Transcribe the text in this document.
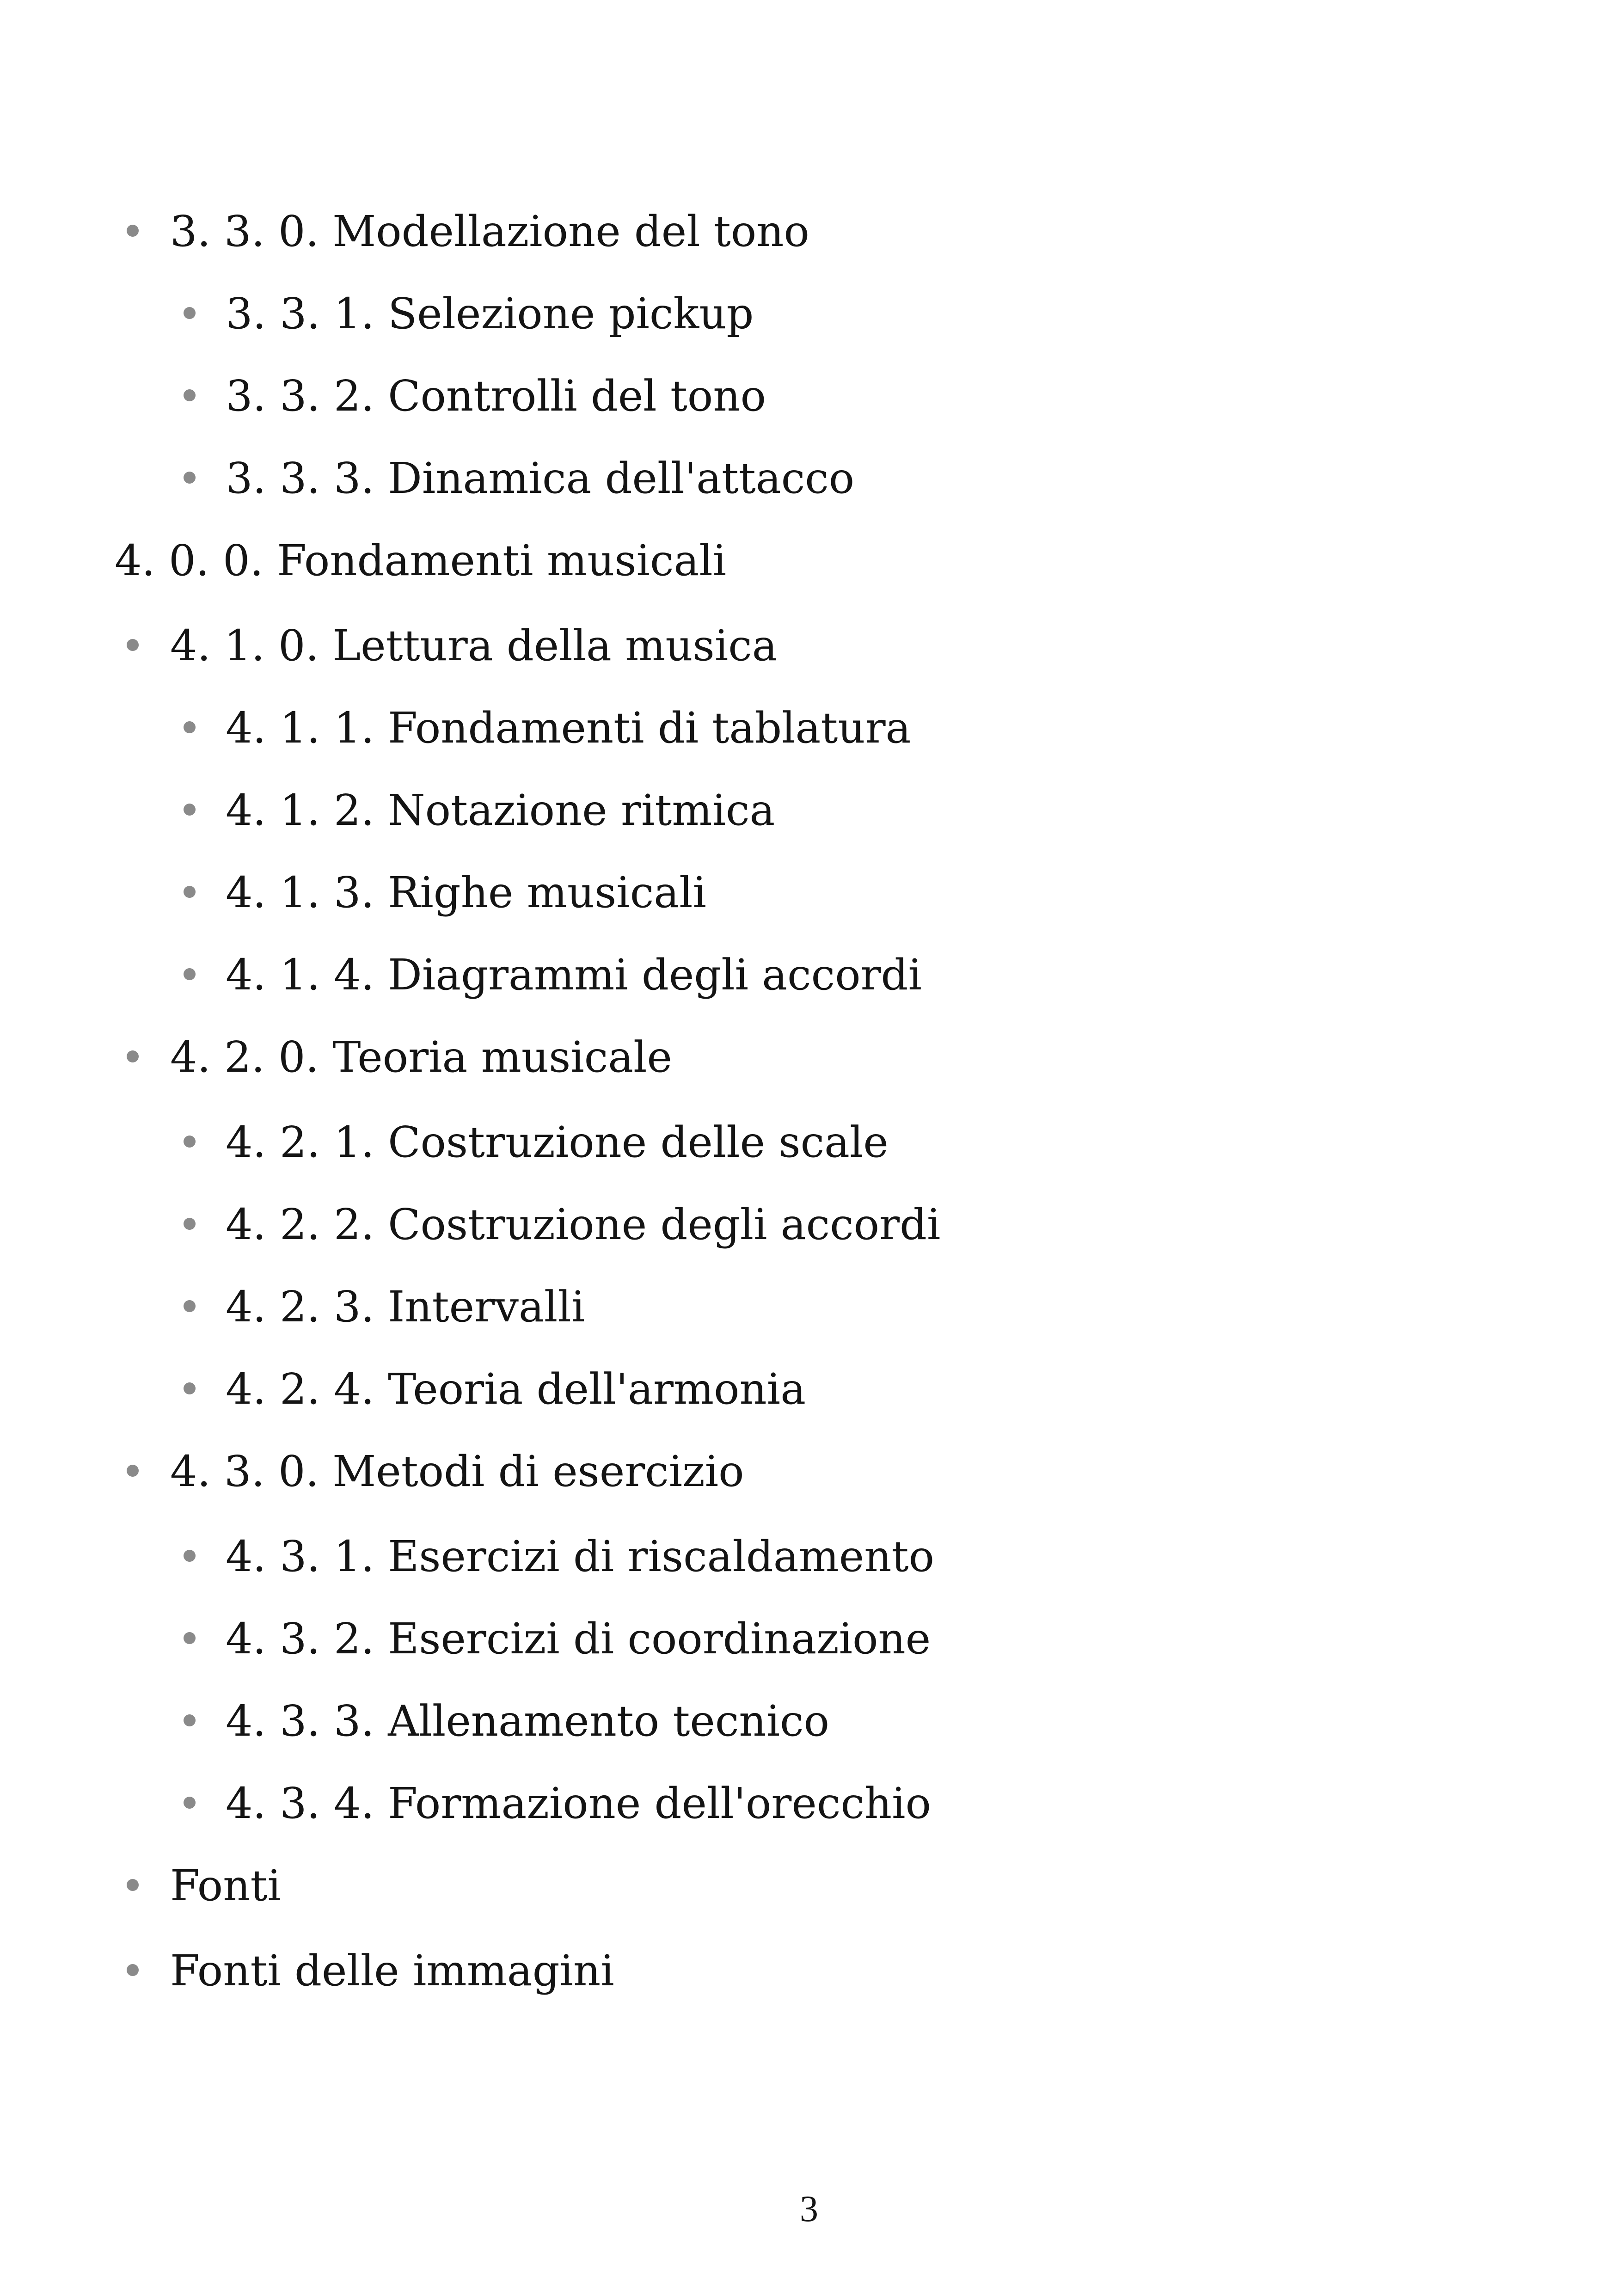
3. 3. 0. Modellazione del tono
3. 3. 1. Selezione pickup
3. 3. 2. Controlli del tono
3. 3. 3. Dinamica dell'attacco
4. 0. 0. Fondamenti musicali
4. 1. 0. Lettura della musica
4. 1. 1. Fondamenti di tablatura
4. 1. 2. Notazione ritmica
4. 1. 3. Righe musicali
4. 1. 4. Diagrammi degli accordi
4. 2. 0. Teoria musicale
4. 2. 1. Costruzione delle scale
4. 2. 2. Costruzione degli accordi
4. 2. 3. Intervalli
4. 2. 4. Teoria dell'armonia
4. 3. 0. Metodi di esercizio
4. 3. 1. Esercizi di riscaldamento
4. 3. 2. Esercizi di coordinazione
4. 3. 3. Allenamento tecnico
4. 3. 4. Formazione dell'orecchio
Fonti
Fonti delle immagini
3
